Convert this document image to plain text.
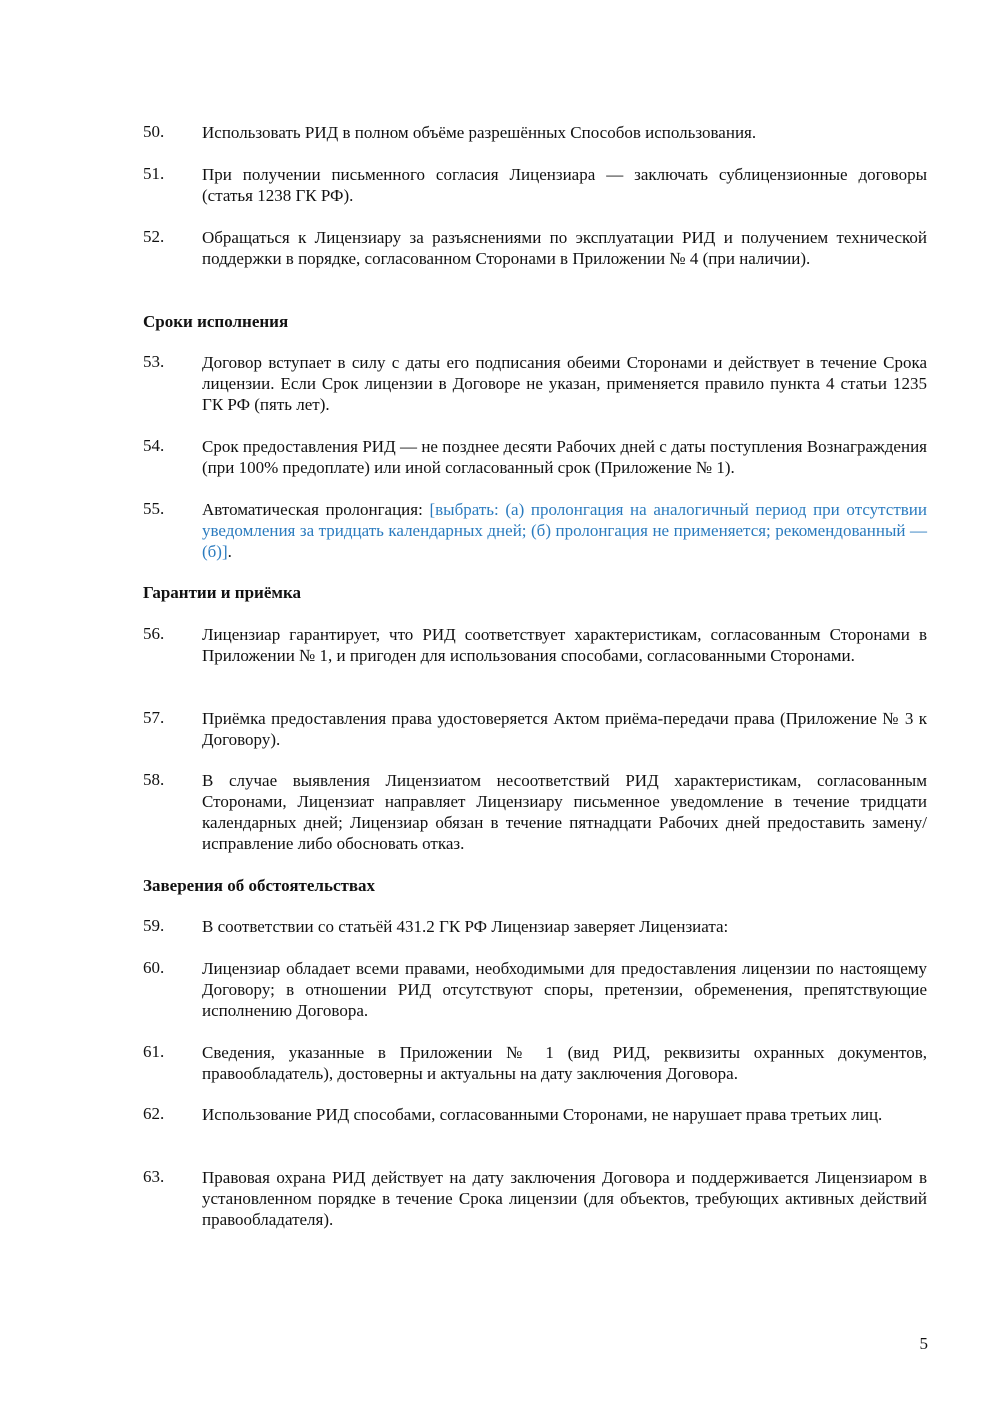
50.	Использовать РИД в полном объёме разрешённых Способов использования.
51.	При получении письменного согласия Лицензиара — заключать сублицензионные договоры (статья 1238 ГК РФ).
52.	Обращаться к Лицензиару за разъяснениями по эксплуатации РИД и получением технической поддержки в порядке, согласованном Сторонами в Приложении № 4 (при наличии).
Сроки исполнения
53.	Договор вступает в силу с даты его подписания обеими Сторонами и действует в течение Срока лицензии. Если Срок лицензии в Договоре не указан, применяется правило пункта 4 статьи 1235 ГК РФ (пять лет).
54.	Срок предоставления РИД — не позднее десяти Рабочих дней с даты поступления Вознаграждения (при 100% предоплате) или иной согласованный срок (Приложение № 1).
55.	Автоматическая пролонгация: [выбрать: (а) пролонгация на аналогичный период при отсутствии уведомления за тридцать календарных дней; (б) пролонгация не применяется; рекомендованный — (б)].
Гарантии и приёмка
56.	Лицензиар гарантирует, что РИД соответствует характеристикам, согласованным Сторонами в Приложении № 1, и пригоден для использования способами, согласованными Сторонами.
57.	Приёмка предоставления права удостоверяется Актом приёма-передачи права (Приложение № 3 к Договору).
58.	В случае выявления Лицензиатом несоответствий РИД характеристикам, согласованным Сторонами, Лицензиат направляет Лицензиару письменное уведомление в течение тридцати календарных дней; Лицензиар обязан в течение пятнадцати Рабочих дней предоставить замену/исправление либо обосновать отказ.
Заверения об обстоятельствах
59.	В соответствии со статьёй 431.2 ГК РФ Лицензиар заверяет Лицензиата:
60.	Лицензиар обладает всеми правами, необходимыми для предоставления лицензии по настоящему Договору; в отношении РИД отсутствуют споры, претензии, обременения, препятствующие исполнению Договора.
61.	Сведения, указанные в Приложении № 1 (вид РИД, реквизиты охранных документов, правообладатель), достоверны и актуальны на дату заключения Договора.
62.	Использование РИД способами, согласованными Сторонами, не нарушает права третьих лиц.
63.	Правовая охрана РИД действует на дату заключения Договора и поддерживается Лицензиаром в установленном порядке в течение Срока лицензии (для объектов, требующих активных действий правообладателя).
5
